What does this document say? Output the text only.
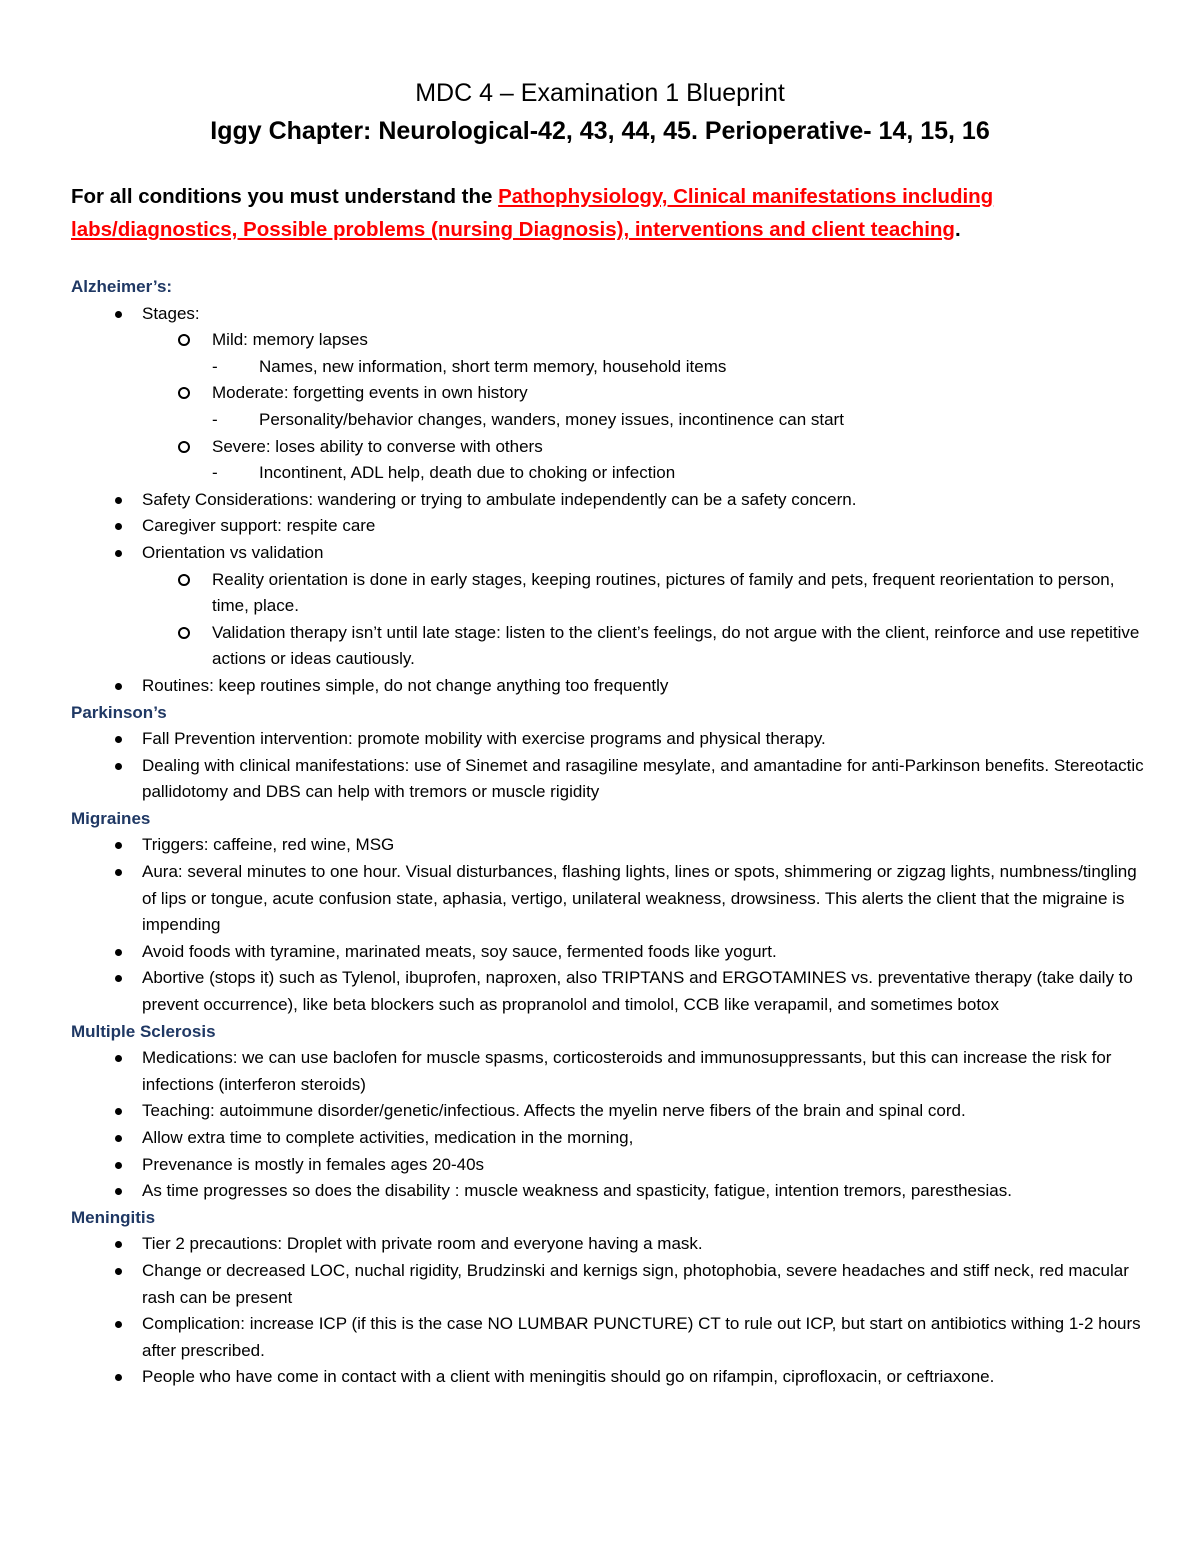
MDC 4 – Examination 1 Blueprint
Iggy Chapter: Neurological-42, 43, 44, 45. Perioperative- 14, 15, 16
For all conditions you must understand the Pathophysiology, Clinical manifestations including labs/diagnostics, Possible problems (nursing Diagnosis), interventions and client teaching.
Alzheimer’s:
Stages:
Mild: memory lapses
- Names, new information, short term memory, household items
Moderate: forgetting events in own history
- Personality/behavior changes, wanders, money issues, incontinence can start
Severe: loses ability to converse with others
- Incontinent, ADL help, death due to choking or infection
Safety Considerations: wandering or trying to ambulate independently can be a safety concern.
Caregiver support: respite care
Orientation vs validation
Reality orientation is done in early stages, keeping routines, pictures of family and pets, frequent reorientation to person, time, place.
Validation therapy isn’t until late stage: listen to the client’s feelings, do not argue with the client, reinforce and use repetitive actions or ideas cautiously.
Routines: keep routines simple, do not change anything too frequently
Parkinson’s
Fall Prevention intervention: promote mobility with exercise programs and physical therapy.
Dealing with clinical manifestations: use of Sinemet and rasagiline mesylate, and amantadine for anti-Parkinson benefits. Stereotactic pallidotomy and DBS can help with tremors or muscle rigidity
Migraines
Triggers: caffeine, red wine, MSG
Aura: several minutes to one hour. Visual disturbances, flashing lights, lines or spots, shimmering or zigzag lights, numbness/tingling of lips or tongue, acute confusion state, aphasia, vertigo, unilateral weakness, drowsiness. This alerts the client that the migraine is impending
Avoid foods with tyramine, marinated meats, soy sauce, fermented foods like yogurt.
Abortive (stops it) such as Tylenol, ibuprofen, naproxen, also TRIPTANS and ERGOTAMINES vs. preventative therapy (take daily to prevent occurrence), like beta blockers such as propranolol and timolol, CCB like verapamil, and sometimes botox
Multiple Sclerosis
Medications: we can use baclofen for muscle spasms, corticosteroids and immunosuppressants, but this can increase the risk for infections (interferon steroids)
Teaching: autoimmune disorder/genetic/infectious. Affects the myelin nerve fibers of the brain and spinal cord.
Allow extra time to complete activities, medication in the morning,
Prevenance is mostly in females ages 20-40s
As time progresses so does the disability : muscle weakness and spasticity, fatigue, intention tremors, paresthesias.
Meningitis
Tier 2 precautions: Droplet with private room and everyone having a mask.
Change or decreased LOC, nuchal rigidity, Brudzinski and kernigs sign, photophobia, severe headaches and stiff neck, red macular rash can be present
Complication: increase ICP (if this is the case NO LUMBAR PUNCTURE) CT to rule out ICP, but start on antibiotics withing 1-2 hours after prescribed.
People who have come in contact with a client with meningitis should go on rifampin, ciprofloxacin, or ceftriaxone.
